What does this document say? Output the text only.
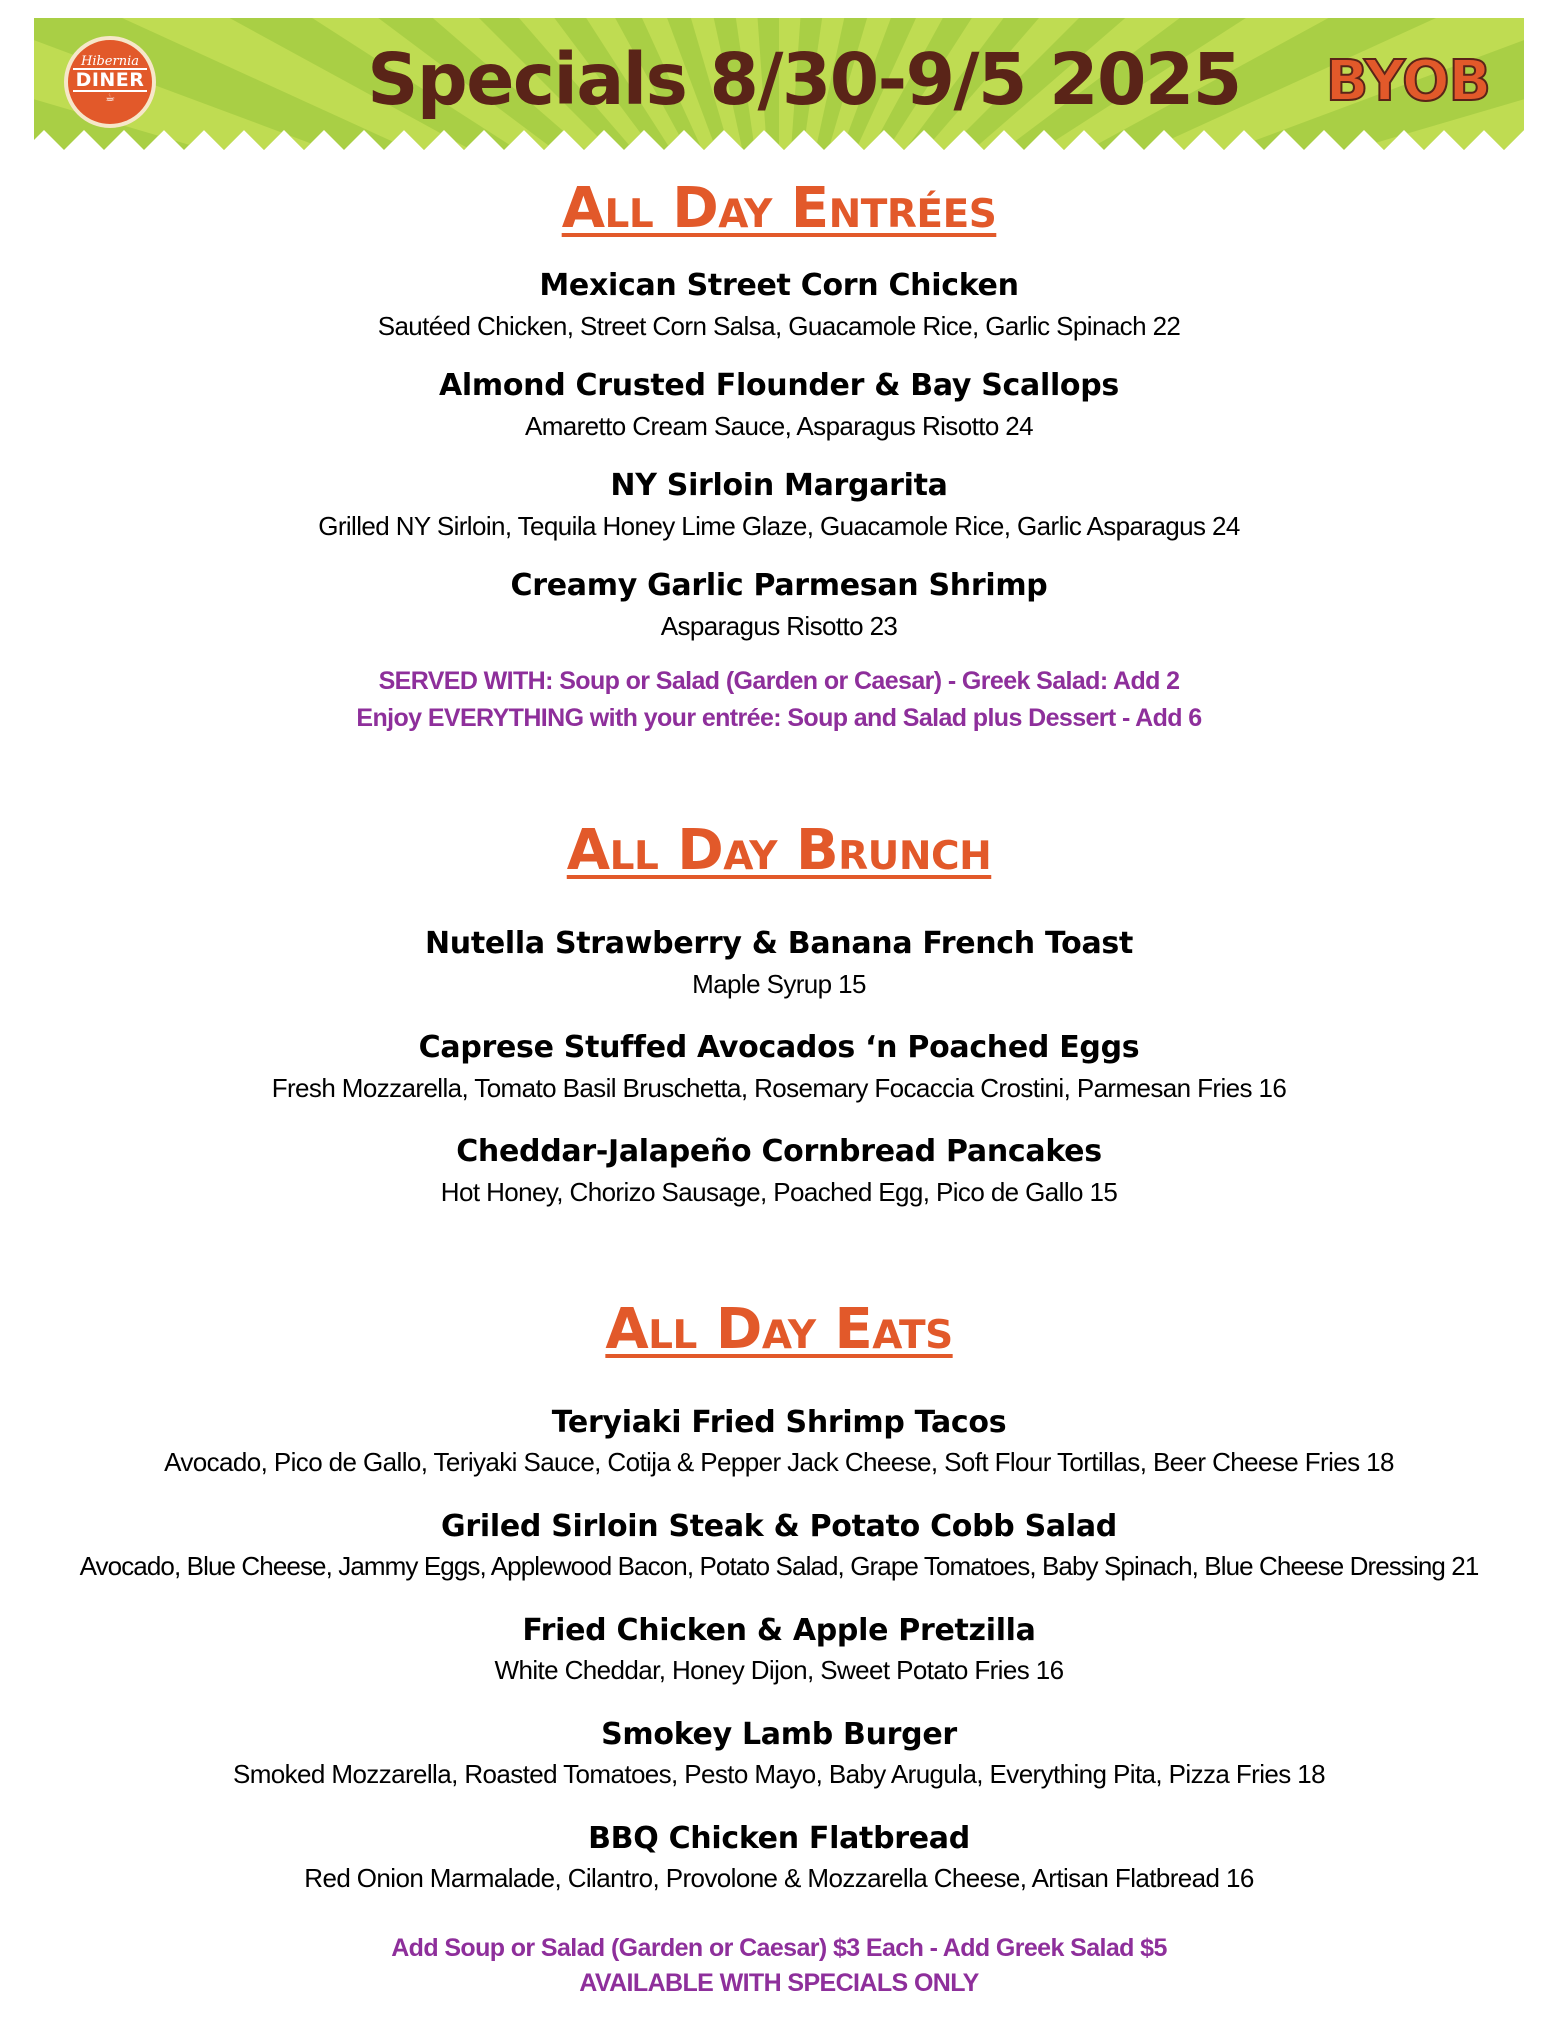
Hibernia
DINER
☕	Specials 8/30-9/5 2025	BYOB
All Day Entrées
Mexican Street Corn Chicken
Sautéed Chicken, Street Corn Salsa, Guacamole Rice, Garlic Spinach 22
Almond Crusted Flounder & Bay Scallops
Amaretto Cream Sauce, Asparagus Risotto 24
NY Sirloin Margarita
Grilled NY Sirloin, Tequila Honey Lime Glaze, Guacamole Rice, Garlic Asparagus 24
Creamy Garlic Parmesan Shrimp
Asparagus Risotto 23
SERVED WITH: Soup or Salad (Garden or Caesar) - Greek Salad: Add 2
Enjoy EVERYTHING with your entrée: Soup and Salad plus Dessert - Add 6
All Day Brunch
Nutella Strawberry & Banana French Toast
Maple Syrup 15
Caprese Stuffed Avocados ‘n Poached Eggs
Fresh Mozzarella, Tomato Basil Bruschetta, Rosemary Focaccia Crostini, Parmesan Fries 16
Cheddar-Jalapeño Cornbread Pancakes
Hot Honey, Chorizo Sausage, Poached Egg, Pico de Gallo 15
All Day Eats
Teryiaki Fried Shrimp Tacos
Avocado, Pico de Gallo, Teriyaki Sauce, Cotija & Pepper Jack Cheese, Soft Flour Tortillas, Beer Cheese Fries 18
Griled Sirloin Steak & Potato Cobb Salad
Avocado, Blue Cheese, Jammy Eggs, Applewood Bacon, Potato Salad, Grape Tomatoes, Baby Spinach, Blue Cheese Dressing 21
Fried Chicken & Apple Pretzilla
White Cheddar, Honey Dijon, Sweet Potato Fries 16
Smokey Lamb Burger
Smoked Mozzarella, Roasted Tomatoes, Pesto Mayo, Baby Arugula, Everything Pita, Pizza Fries 18
BBQ Chicken Flatbread
Red Onion Marmalade, Cilantro, Provolone & Mozzarella Cheese, Artisan Flatbread 16
Add Soup or Salad (Garden or Caesar) $3 Each - Add Greek Salad $5
AVAILABLE WITH SPECIALS ONLY
